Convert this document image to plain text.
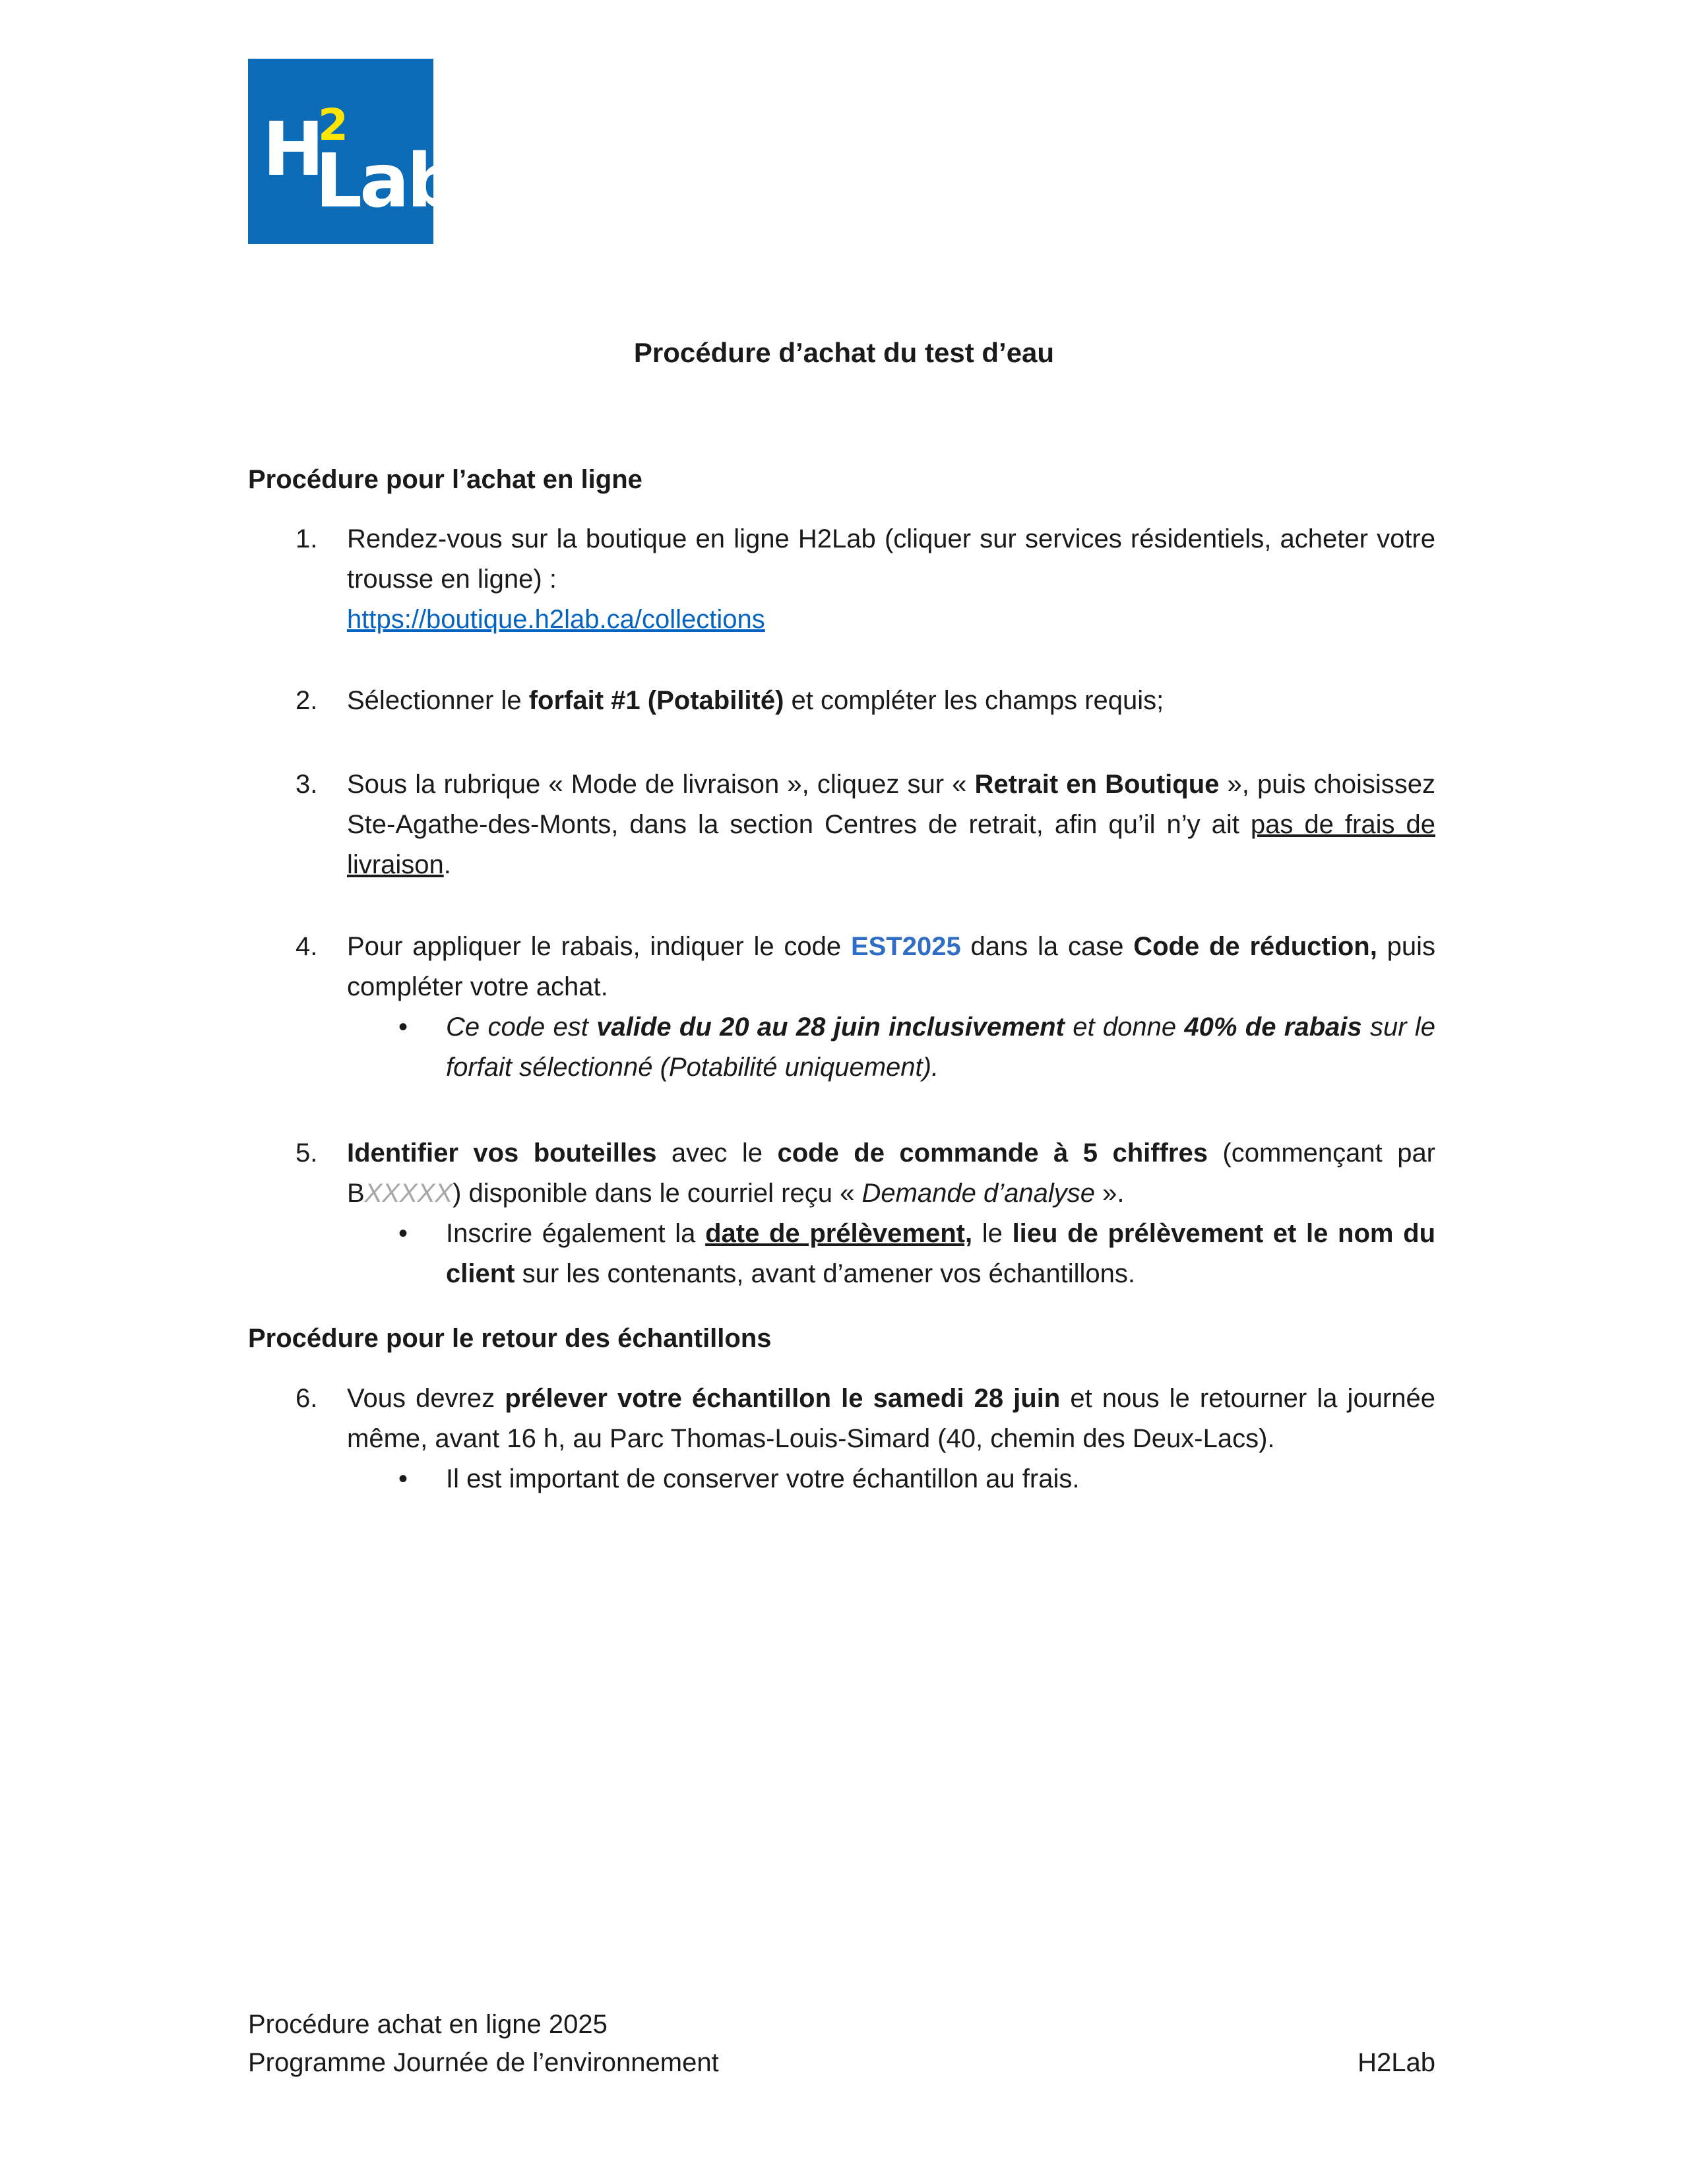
H
2
Lab
Procédure d’achat du test d’eau
Procédure pour l’achat en ligne
1. Rendez-vous sur la boutique en ligne H2Lab (cliquer sur services résidentiels, acheter votre trousse en ligne) :
https://boutique.h2lab.ca/collections
2. Sélectionner le forfait #1 (Potabilité) et compléter les champs requis;
3. Sous la rubrique « Mode de livraison », cliquez sur « Retrait en Boutique », puis choisissez Ste-Agathe-des-Monts, dans la section Centres de retrait, afin qu’il n’y ait pas de frais de livraison.
4. Pour appliquer le rabais, indiquer le code EST2025 dans la case Code de réduction, puis compléter votre achat.
• Ce code est valide du 20 au 28 juin inclusivement et donne 40% de rabais sur le forfait sélectionné (Potabilité uniquement).
5. Identifier vos bouteilles avec le code de commande à 5 chiffres (commençant par BXXXXX) disponible dans le courriel reçu « Demande d’analyse ».
• Inscrire également la date de prélèvement, le lieu de prélèvement et le nom du client sur les contenants, avant d’amener vos échantillons.
Procédure pour le retour des échantillons
6. Vous devrez prélever votre échantillon le samedi 28 juin et nous le retourner la journée même, avant 16 h, au Parc Thomas-Louis-Simard (40, chemin des Deux-Lacs).
• Il est important de conserver votre échantillon au frais.
Procédure achat en ligne 2025
Programme Journée de l’environnement	H2Lab
